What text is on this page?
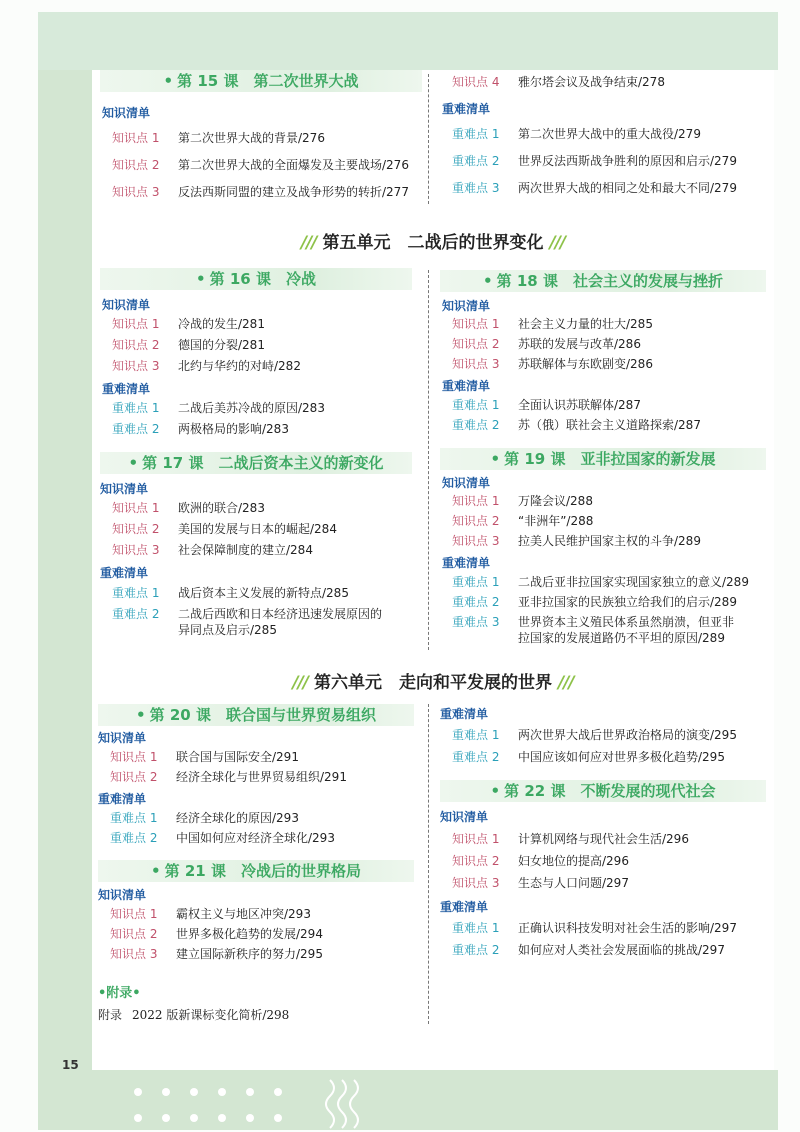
• 第 15 课　第二次世界大战
知识清单
知识点 1 第二次世界大战的背景/276
知识点 2 第二次世界大战的全面爆发及主要战场/276
知识点 3 反法西斯同盟的建立及战争形势的转折/277
知识点 4 雅尔塔会议及战争结束/278
重难清单
重难点 1 第二次世界大战中的重大战役/279
重难点 2 世界反法西斯战争胜利的原因和启示/279
重难点 3 两次世界大战的相同之处和最大不同/279
/// 第五单元　二战后的世界变化 ///
• 第 16 课　冷战
知识清单
知识点 1 冷战的发生/281
知识点 2 德国的分裂/281
知识点 3 北约与华约的对峙/282
重难清单
重难点 1 二战后美苏冷战的原因/283
重难点 2 两极格局的影响/283
• 第 17 课　二战后资本主义的新变化
知识清单
知识点 1 欧洲的联合/283
知识点 2 美国的发展与日本的崛起/284
知识点 3 社会保障制度的建立/284
重难清单
重难点 1 战后资本主义发展的新特点/285
重难点 2 二战后西欧和日本经济迅速发展原因的
异同点及启示/285
• 第 18 课　社会主义的发展与挫折
知识清单
知识点 1 社会主义力量的壮大/285
知识点 2 苏联的发展与改革/286
知识点 3 苏联解体与东欧剧变/286
重难清单
重难点 1 全面认识苏联解体/287
重难点 2 苏（俄）联社会主义道路探索/287
• 第 19 课　亚非拉国家的新发展
知识清单
知识点 1 万隆会议/288
知识点 2 “非洲年”/288
知识点 3 拉美人民维护国家主权的斗争/289
重难清单
重难点 1 二战后亚非拉国家实现国家独立的意义/289
重难点 2 亚非拉国家的民族独立给我们的启示/289
重难点 3 世界资本主义殖民体系虽然崩溃，但亚非
拉国家的发展道路仍不平坦的原因/289
/// 第六单元　走向和平发展的世界 ///
• 第 20 课　联合国与世界贸易组织
知识清单
知识点 1 联合国与国际安全/291
知识点 2 经济全球化与世界贸易组织/291
重难清单
重难点 1 经济全球化的原因/293
重难点 2 中国如何应对经济全球化/293
• 第 21 课　冷战后的世界格局
知识清单
知识点 1 霸权主义与地区冲突/293
知识点 2 世界多极化趋势的发展/294
知识点 3 建立国际新秩序的努力/295
重难清单
重难点 1 两次世界大战后世界政治格局的演变/295
重难点 2 中国应该如何应对世界多极化趋势/295
• 第 22 课　不断发展的现代社会
知识清单
知识点 1 计算机网络与现代社会生活/296
知识点 2 妇女地位的提高/296
知识点 3 生态与人口问题/297
重难清单
重难点 1 正确认识科技发明对社会生活的影响/297
重难点 2 如何应对人类社会发展面临的挑战/297
•附录•
附录 2022 版新课标变化简析/298
15
